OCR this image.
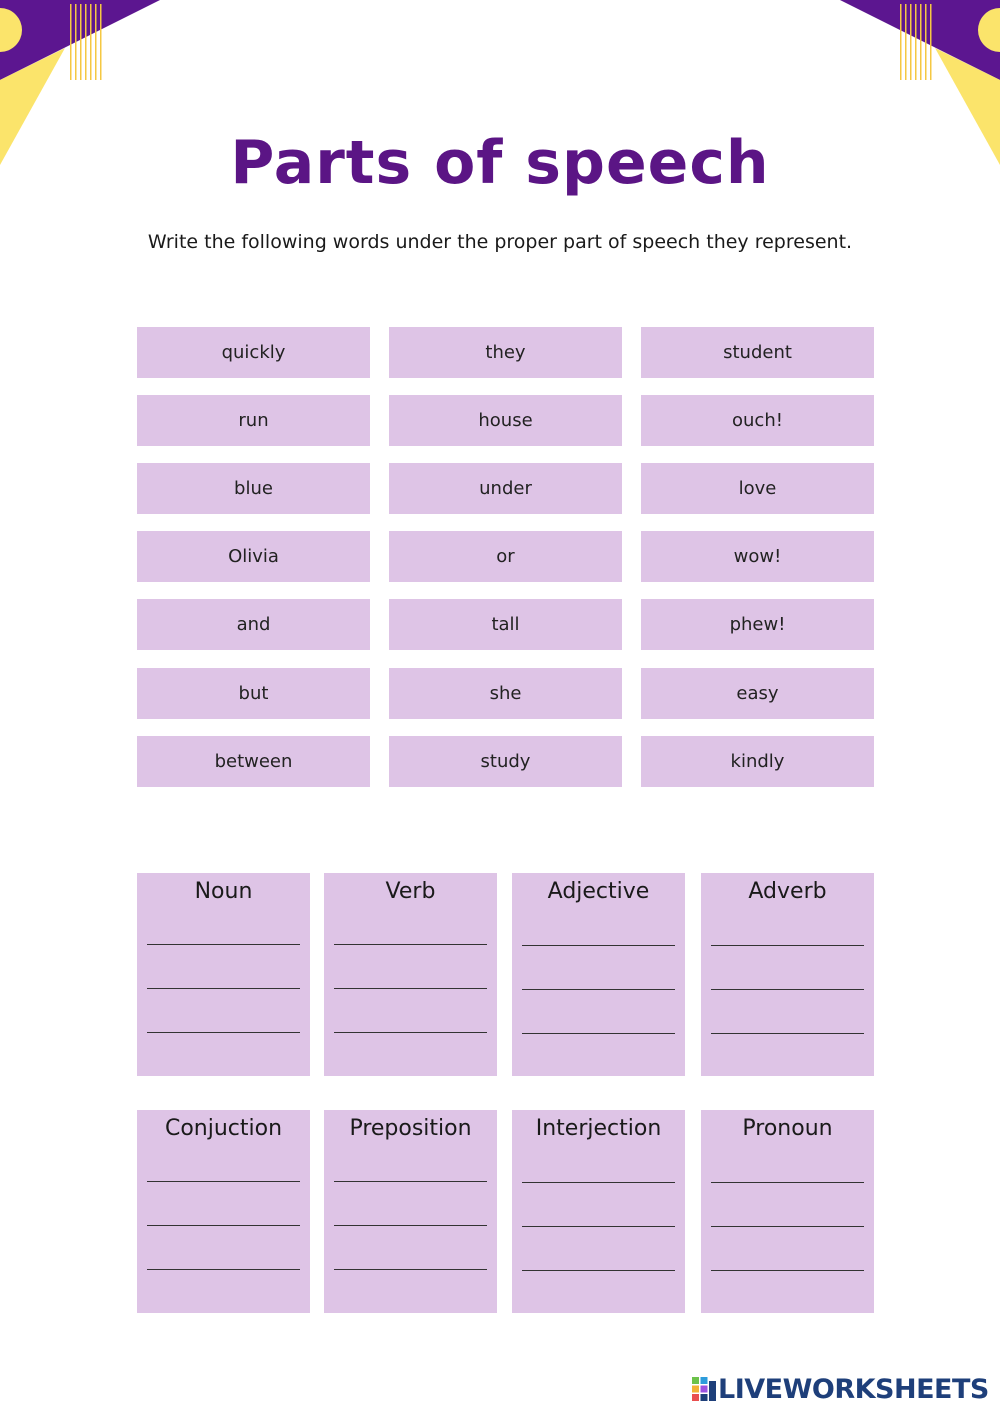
Parts of speech
Write the following words under the proper part of speech they represent.
quickly	they	student
run	house	ouch!
blue	under	love
Olivia	or	wow!
and	tall	phew!
but	she	easy
between	study	kindly
Noun	Verb	Adjective	Adverb
Conjuction	Preposition	Interjection	Pronoun
LIVEWORKSHEETS
